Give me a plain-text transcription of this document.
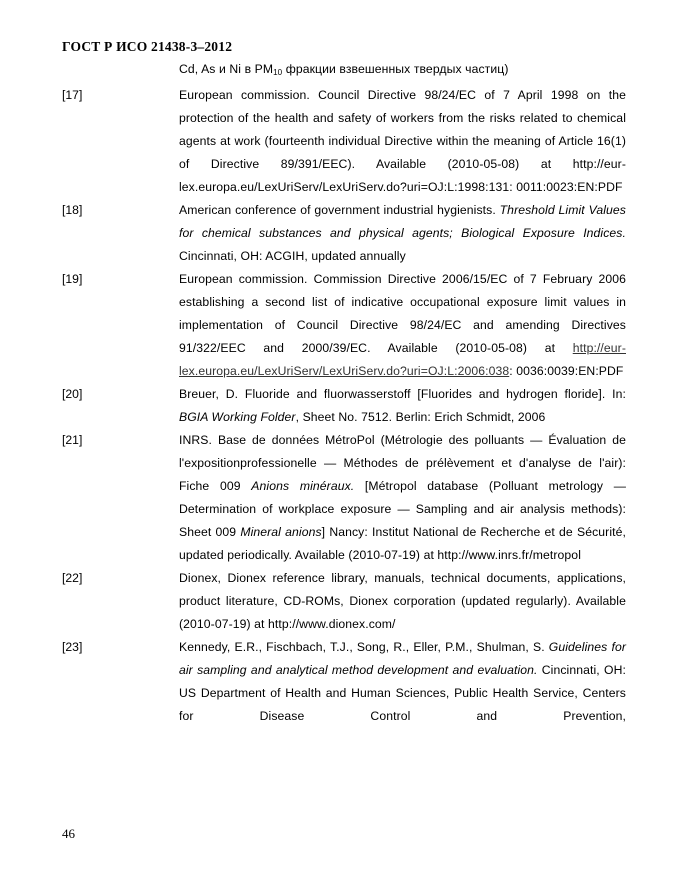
ГОСТ Р ИСО 21438-3–2012
Cd, As и Ni в $PM_{10}$ фракции взвешенных твердых частиц)
[17]	European commission. Council Directive 98/24/EC of 7 April 1998 on the protection of the health and safety of workers from the risks related to chemical agents at work (fourteenth individual Directive within the meaning of Article 16(1) of Directive 89/391/EEC). Available (2010-05-08) at http://eur-lex.europa.eu/LexUriServ/LexUriServ.do?uri=OJ:L:1998:131: 0011:0023:EN:PDF
[18]	American conference of government industrial hygienists. Threshold Limit Values for chemical substances and physical agents; Biological Exposure Indices. Cincinnati, OH: ACGIH, updated annually
[19]	European commission. Commission Directive 2006/15/EC of 7 February 2006 establishing a second list of indicative occupational exposure limit values in implementation of Council Directive 98/24/EC and amending Directives 91/322/EEC and 2000/39/EC. Available (2010-05-08) at http://eur-lex.europa.eu/LexUriServ/LexUriServ.do?uri=OJ:L:2006:038: 0036:0039:EN:PDF
[20]	Breuer, D. Fluoride and fluorwasserstoff [Fluorides and hydrogen floride]. In: BGIA Working Folder, Sheet No. 7512. Berlin: Erich Schmidt, 2006
[21]	INRS. Base de données MétroPol (Métrologie des polluants — Évaluation de l'expositionprofessionelle — Méthodes de prélèvement et d'analyse de l'air): Fiche 009 Anions minéraux. [Métropol database (Polluant metrology — Determination of workplace exposure — Sampling and air analysis methods): Sheet 009 Mineral anions] Nancy: Institut National de Recherche et de Sécurité, updated periodically. Available (2010-07-19) at http://www.inrs.fr/metropol
[22]	Dionex, Dionex reference library, manuals, technical documents, applications, product literature, CD-ROMs, Dionex corporation (updated regularly). Available (2010-07-19) at http://www.dionex.com/
[23]	Kennedy, E.R., Fischbach, T.J., Song, R., Eller, P.M., Shulman, S. Guidelines for air sampling and analytical method development and evaluation. Cincinnati, OH: US Department of Health and Human Sciences, Public Health Service, Centers for Disease Control and Prevention,
46
